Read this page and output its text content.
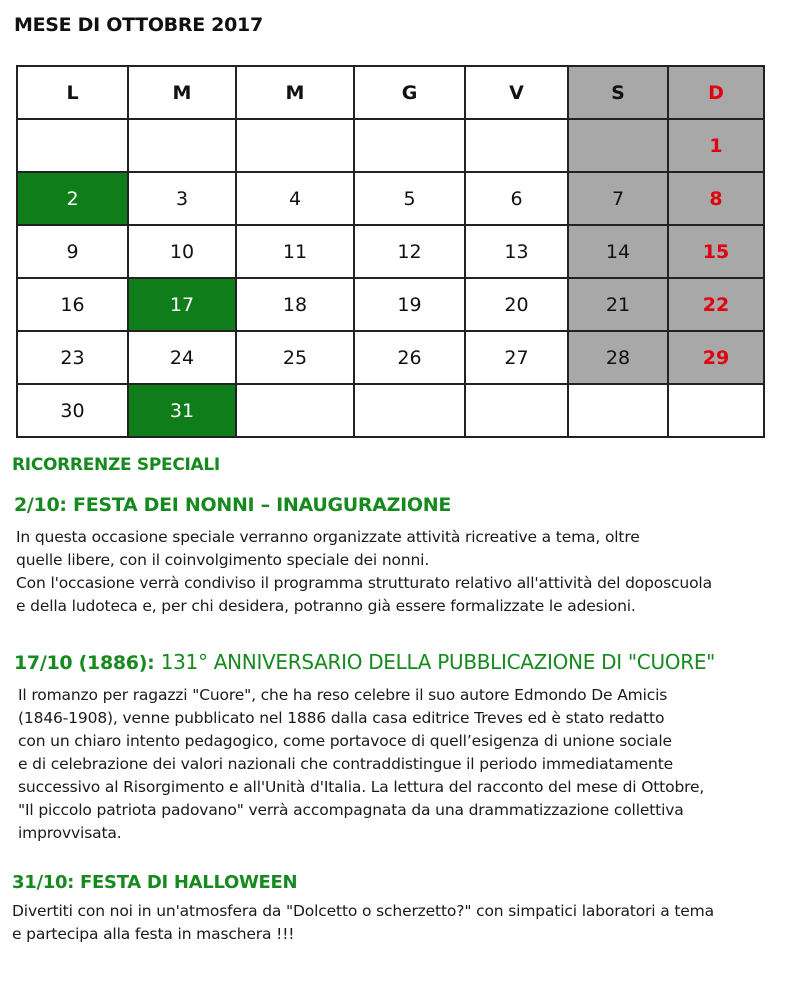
MESE DI OTTOBRE 2017
L	M	M	G	V	S	D
						1
2	3	4	5	6	7	8
9	10	11	12	13	14	15
16	17	18	19	20	21	22
23	24	25	26	27	28	29
30	31					
RICORRENZE SPECIALI
2/10: FESTA DEI NONNI – INAUGURAZIONE
In questa occasione speciale verranno organizzate attività ricreative a tema, oltre
quelle libere, con il coinvolgimento speciale dei nonni.
Con l'occasione verrà condiviso il programma strutturato relativo all'attività del doposcuola
e della ludoteca e, per chi desidera, potranno già essere formalizzate le adesioni.
17/10 (1886): 131° ANNIVERSARIO DELLA PUBBLICAZIONE DI "CUORE"
Il romanzo per ragazzi "Cuore", che ha reso celebre il suo autore Edmondo De Amicis
(1846-1908), venne pubblicato nel 1886 dalla casa editrice Treves ed è stato redatto
con un chiaro intento pedagogico, come portavoce di quell’esigenza di unione sociale
e di celebrazione dei valori nazionali che contraddistingue il periodo immediatamente
successivo al Risorgimento e all'Unità d'Italia. La lettura del racconto del mese di Ottobre,
"Il piccolo patriota padovano" verrà accompagnata da una drammatizzazione collettiva
improvvisata.
31/10: FESTA DI HALLOWEEN
Divertiti con noi in un'atmosfera da "Dolcetto o scherzetto?" con simpatici laboratori a tema
e partecipa alla festa in maschera !!!
